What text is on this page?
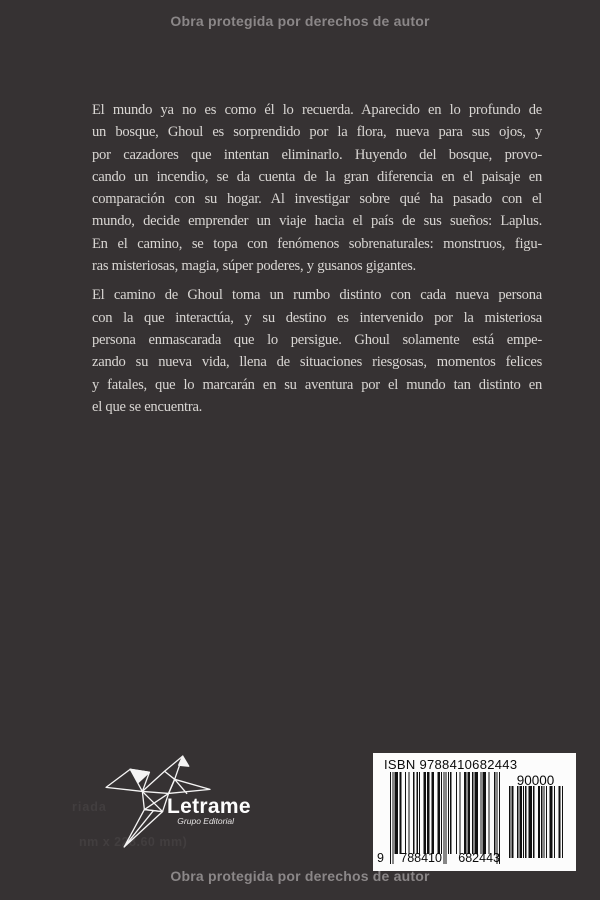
Obra protegida por derechos de autor

El mundo ya no es como él lo recuerda. Aparecido en lo profundo de
un bosque, Ghoul es sorprendido por la flora, nueva para sus ojos, y
por cazadores que intentan eliminarlo. Huyendo del bosque, provo-
cando un incendio, se da cuenta de la gran diferencia en el paisaje en
comparación con su hogar. Al investigar sobre qué ha pasado con el
mundo, decide emprender un viaje hacia el país de sus sueños: Laplus.
En el camino, se topa con fenómenos sobrenaturales: monstruos, figu-
ras misteriosas, magia, súper poderes, y gusanos gigantes.

El camino de Ghoul toma un rumbo distinto con cada nueva persona
con la que interactúa, y su destino es intervenido por la misteriosa
persona enmascarada que lo persigue. Ghoul solamente está empe-
zando su nueva vida, llena de situaciones riesgosas, momentos felices
y fatales, que lo marcarán en su aventura por el mundo tan distinto en
el que se encuentra.

Letrame
Grupo Editorial
riada
nm x 228.60 mm)
ISBN 9788410682443
90000
9 788410 682443
Obra protegida por derechos de autor
